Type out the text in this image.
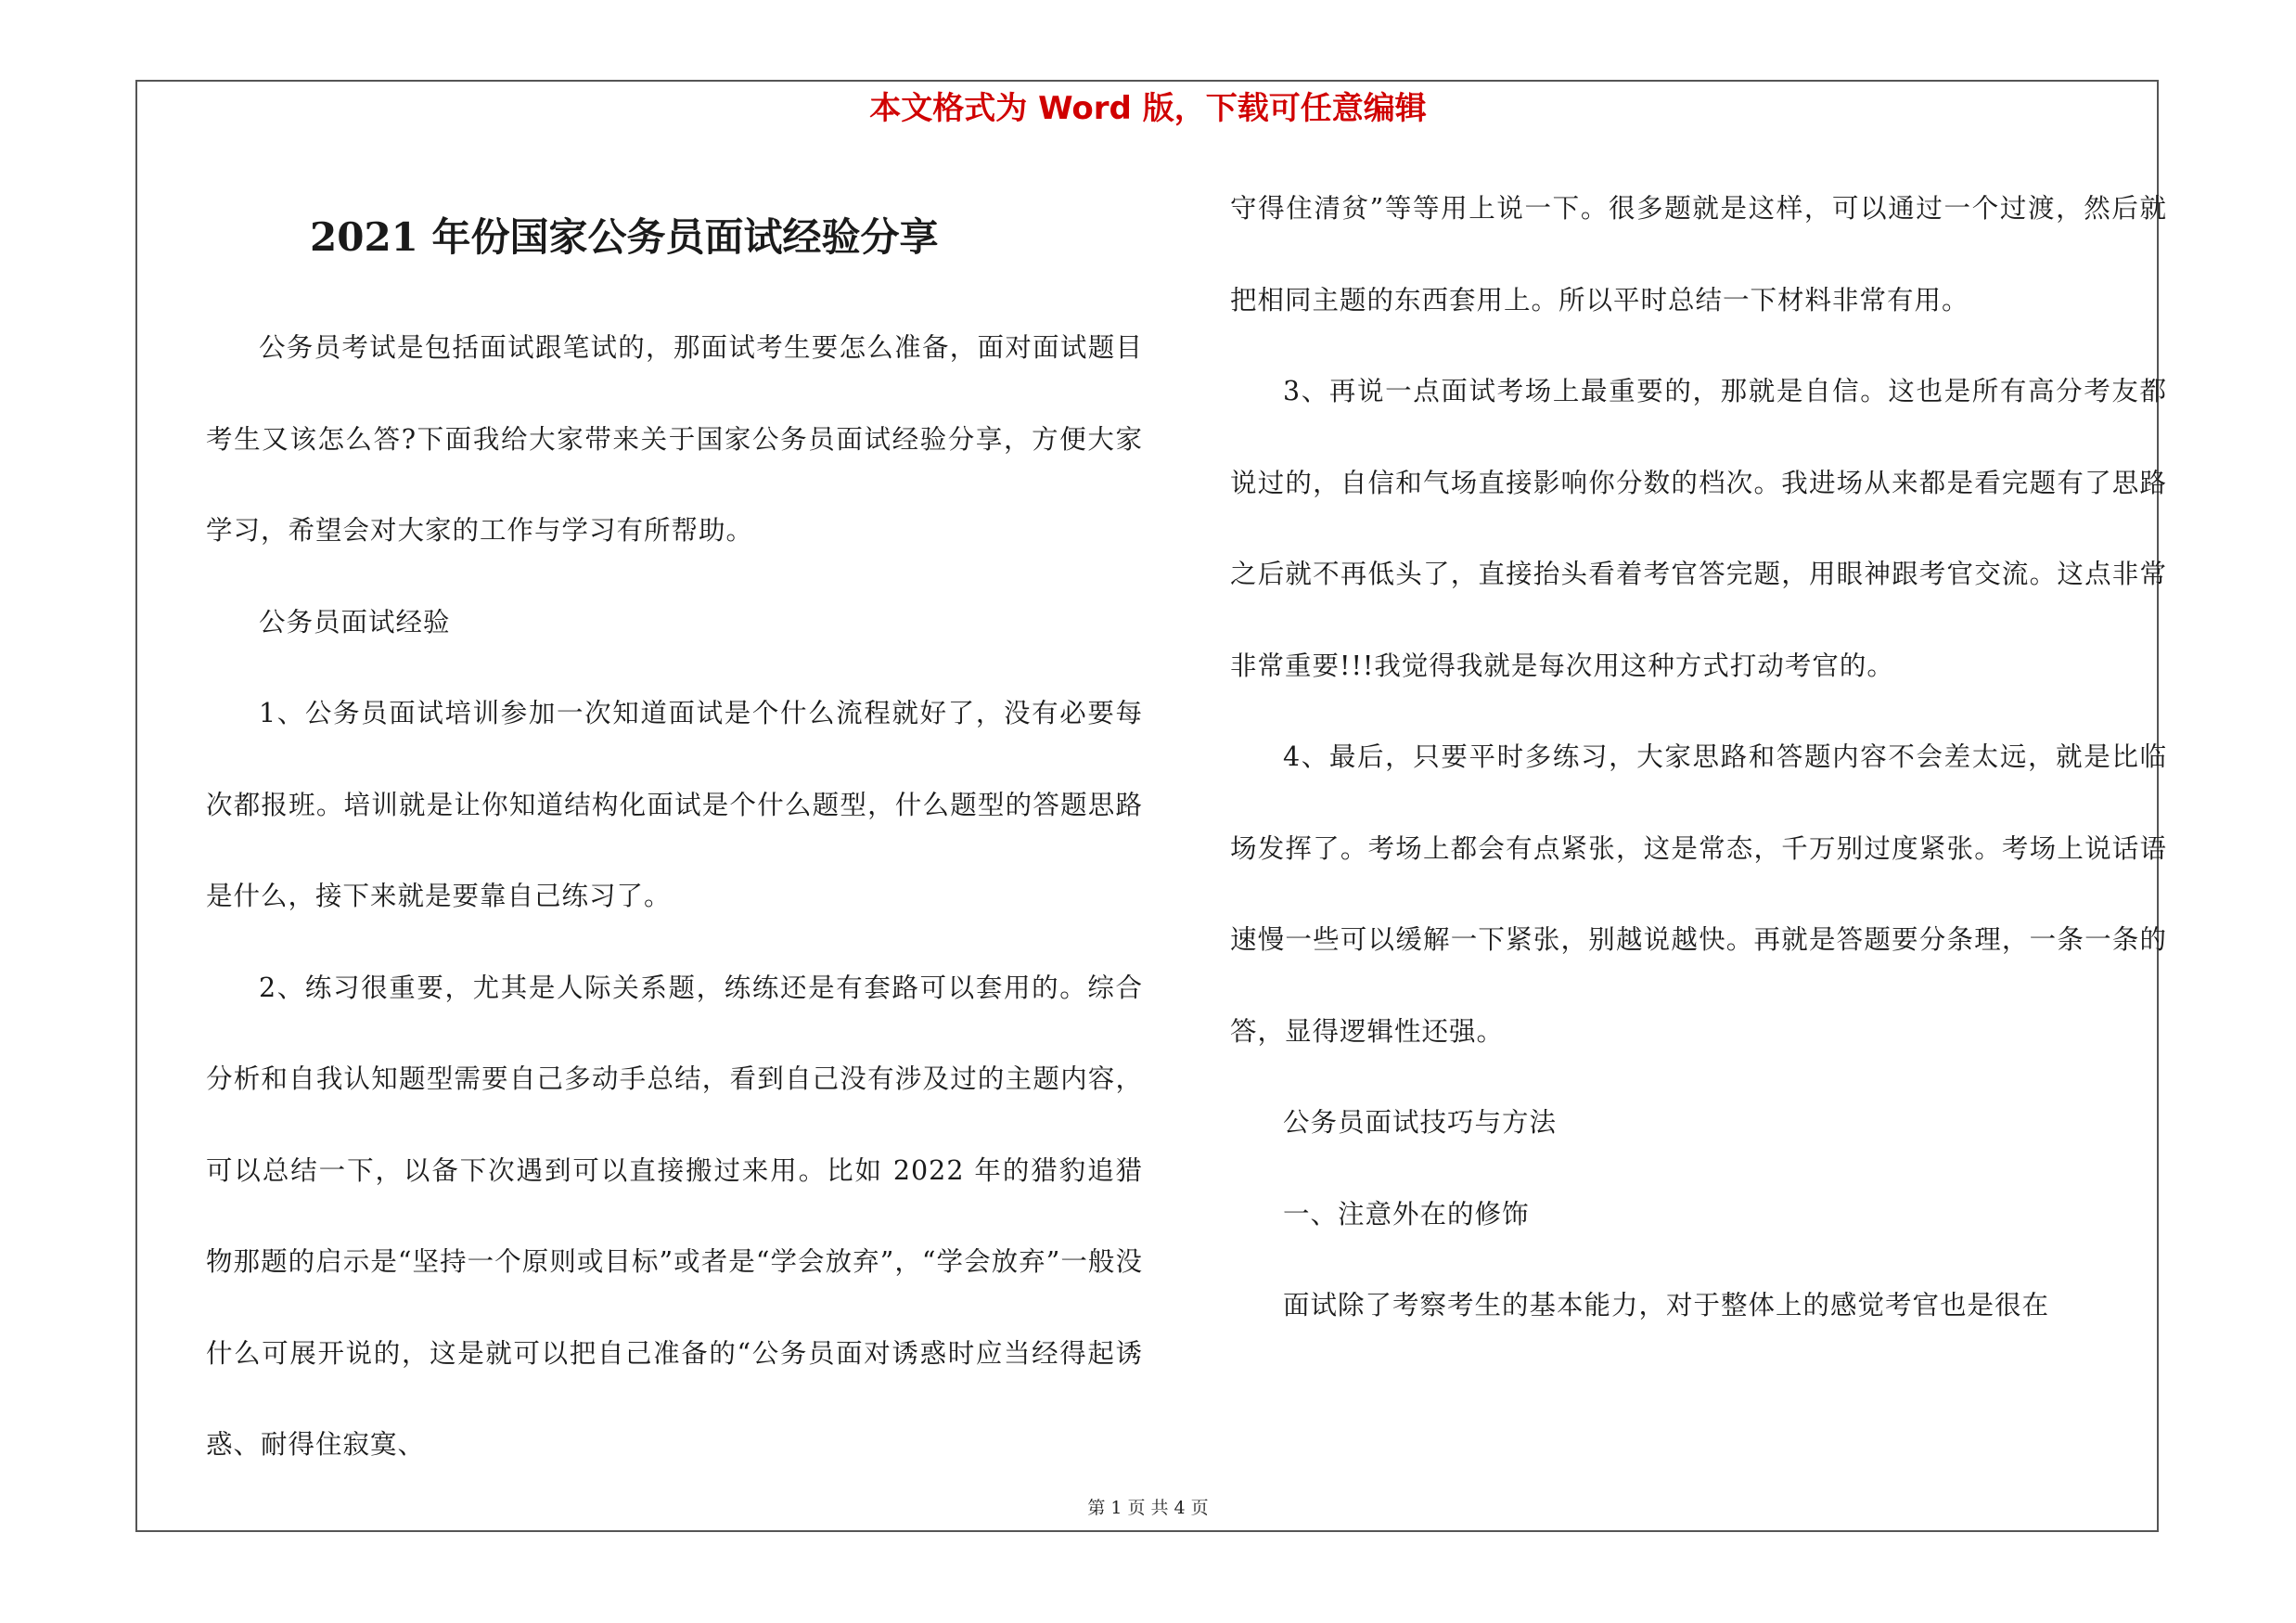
本文格式为 Word 版，下载可任意编辑
2021 年份国家公务员面试经验分享

公务员考试是包括面试跟笔试的，那面试考生要怎么准备，面对面试题目考生又该怎么答?下面我给大家带来关于国家公务员面试经验分享，方便大家学习，希望会对大家的工作与学习有所帮助。

公务员面试经验

1、公务员面试培训参加一次知道面试是个什么流程就好了，没有必要每次都报班。培训就是让你知道结构化面试是个什么题型，什么题型的答题思路是什么，接下来就是要靠自己练习了。

2、练习很重要，尤其是人际关系题，练练还是有套路可以套用的。综合分析和自我认知题型需要自己多动手总结，看到自己没有涉及过的主题内容，可以总结一下，以备下次遇到可以直接搬过来用。比如 2022 年的猎豹追猎物那题的启示是“坚持一个原则或目标”或者是“学会放弃”，“学会放弃”一般没什么可展开说的，这是就可以把自己准备的“公务员面对诱惑时应当经得起诱惑、耐得住寂寞、

守得住清贫”等等用上说一下。很多题就是这样，可以通过一个过渡，然后就把相同主题的东西套用上。所以平时总结一下材料非常有用。

3、再说一点面试考场上最重要的，那就是自信。这也是所有高分考友都说过的，自信和气场直接影响你分数的档次。我进场从来都是看完题有了思路之后就不再低头了，直接抬头看着考官答完题，用眼神跟考官交流。这点非常非常重要!!!我觉得我就是每次用这种方式打动考官的。

4、最后，只要平时多练习，大家思路和答题内容不会差太远，就是比临场发挥了。考场上都会有点紧张，这是常态，千万别过度紧张。考场上说话语速慢一些可以缓解一下紧张，别越说越快。再就是答题要分条理，一条一条的答，显得逻辑性还强。

公务员面试技巧与方法

一、注意外在的修饰

面试除了考察考生的基本能力，对于整体上的感觉考官也是很在

第 1 页 共 4 页
